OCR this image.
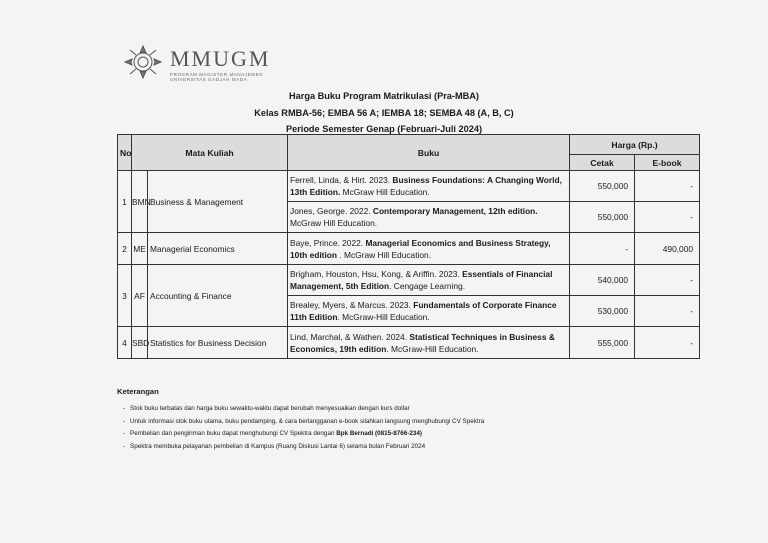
MMUGM
PROGRAM MAGISTER MANAJEMEN
UNIVERSITAS GADJAH MADA
Harga Buku Program Matrikulasi (Pra-MBA)
Kelas RMBA-56; EMBA 56 A; IEMBA 18; SEMBA 48 (A, B, C)
Periode Semester Genap (Februari-Juli 2024)
No	Mata Kuliah		Buku	Harga (Rp.)	
				Cetak	E-book
1	BMN	Business & Management	Ferrell, Linda, & Hirt. 2023. Business Foundations: A Changing World, 13th Edition. McGraw Hill Education.	550,000	-
			Jones, George. 2022. Contemporary Management, 12th edition. McGraw Hill Education.	550,000	-
2	ME	Managerial Economics	Baye, Prince. 2022. Managerial Economics and Business Strategy, 10th edition . McGraw Hill Education.	-	490,000
3	AF	Accounting & Finance	Brigham, Houston, Hsu, Kong, & Ariffin. 2023. Essentials of Financial Management, 5th Edition. Cengage Learning.	540,000	-
			Brealey, Myers, & Marcus. 2023. Fundamentals of Corporate Finance 11th Edition. McGraw-Hill Education.	530,000	-
4	SBD	Statistics for Business Decision	Lind, Marchal, & Wathen. 2024. Statistical Techniques in Business & Economics, 19th edition. McGraw-Hill Education.	555,000	-
Keterangan
- Stok buku terbatas dan harga buku sewaktu-waktu dapat berubah menyesuaikan dengan kurs dollar
- Untuk informasi stok buku utama, buku pendamping, & cara berlangganan e-book silahkan langsung menghubungi CV Spektra
- Pembelian dan pengiriman buku dapat menghubungi CV Spektra dengan Bpk Bernadi (0815-8766-234)
- Spektra membuka pelayanan pembelian di Kampus (Ruang Diskusi Lantai 6) selama bulan Februari 2024
